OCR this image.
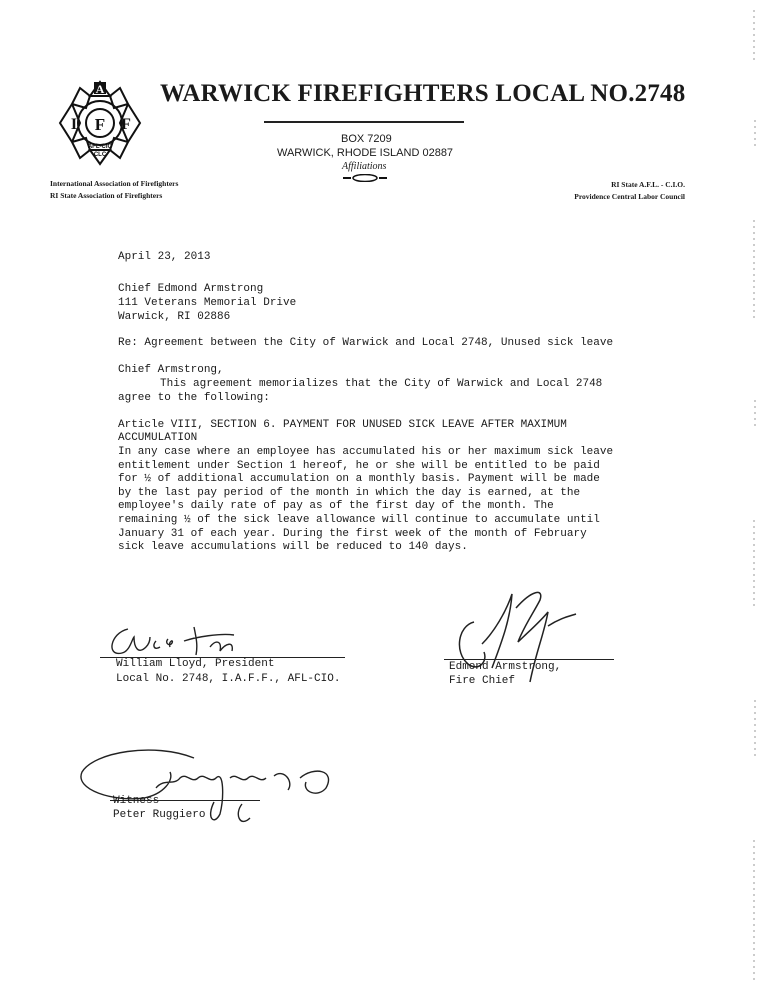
A
I F F
AFL-CIO
CLC
WARWICK FIREFIGHTERS LOCAL NO.2748
BOX 7209
WARWICK, RHODE ISLAND 02887
Affiliations
International Association of Firefighters
RI State Association of Firefighters
RI State A.F.L. - C.I.O.
Providence Central Labor Council
April 23, 2013
Chief Edmond Armstrong
111 Veterans Memorial Drive
Warwick, RI 02886
Re: Agreement between the City of Warwick and Local 2748, Unused sick leave
Chief Armstrong,
This agreement memorializes that the City of Warwick and Local 2748
agree to the following:
Article VIII, SECTION 6. PAYMENT FOR UNUSED SICK LEAVE AFTER MAXIMUM
ACCUMULATION
In any case where an employee has accumulated his or her maximum sick leave
entitlement under Section 1 hereof, he or she will be entitled to be paid
for ½ of additional accumulation on a monthly basis. Payment will be made
by the last pay period of the month in which the day is earned, at the
employee's daily rate of pay as of the first day of the month. The
remaining ½ of the sick leave allowance will continue to accumulate until
January 31 of each year. During the first week of the month of February
sick leave accumulations will be reduced to 140 days.
William Lloyd, President
Local No. 2748, I.A.F.F., AFL-CIO.
Edmond Armstrong,
Fire Chief
Witness
Peter Ruggiero
